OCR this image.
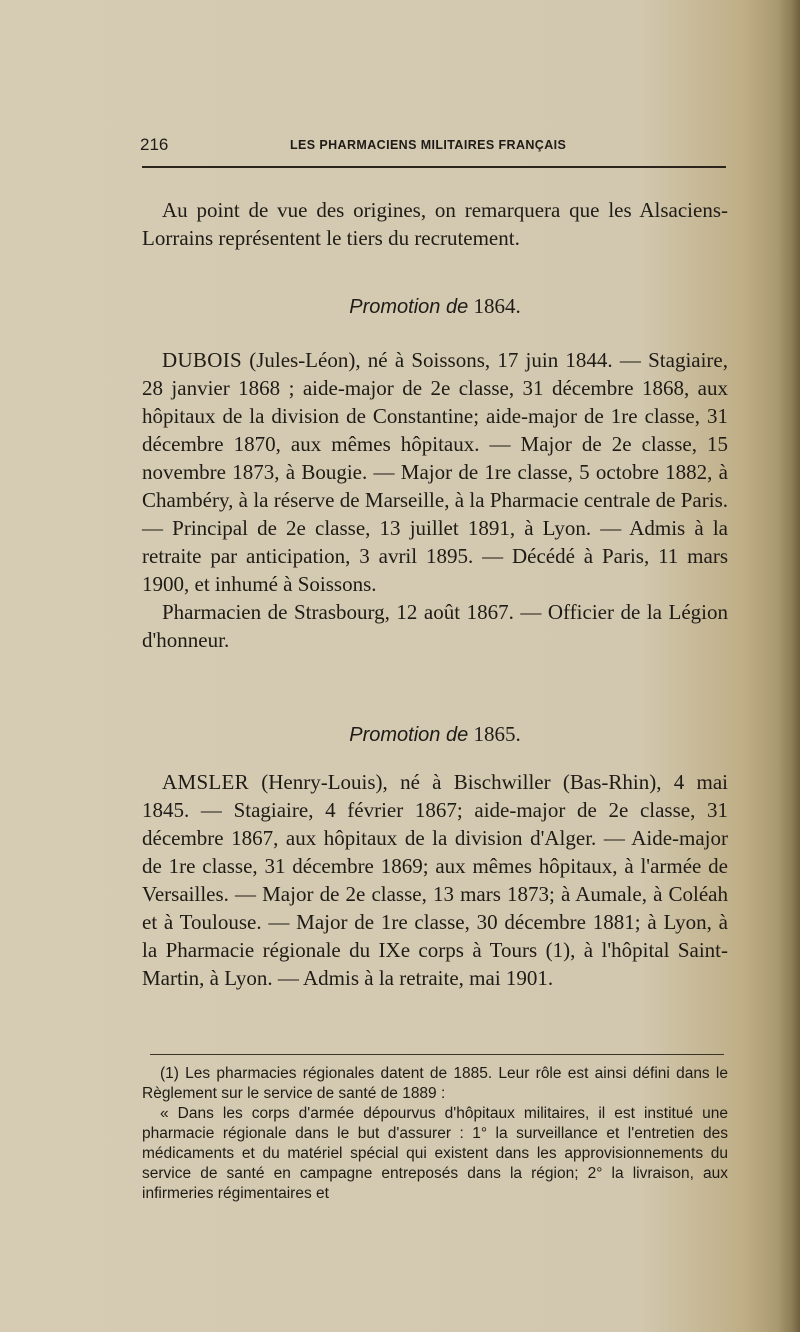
216	LES PHARMACIENS MILITAIRES FRANÇAIS
Au point de vue des origines, on remarquera que les Alsaciens-Lorrains représentent le tiers du recrutement.
Promotion de 1864.

DUBOIS (Jules-Léon), né à Soissons, 17 juin 1844. — Stagiaire, 28 janvier 1868 ; aide-major de 2e classe, 31 décembre 1868, aux hôpitaux de la division de Constantine; aide-major de 1re classe, 31 décembre 1870, aux mêmes hôpitaux. — Major de 2e classe, 15 novembre 1873, à Bougie. — Major de 1re classe, 5 octobre 1882, à Chambéry, à la réserve de Marseille, à la Pharmacie centrale de Paris. — Principal de 2e classe, 13 juillet 1891, à Lyon. — Admis à la retraite par anticipation, 3 avril 1895. — Décédé à Paris, 11 mars 1900, et inhumé à Soissons.

Pharmacien de Strasbourg, 12 août 1867. — Officier de la Légion d'honneur.

Promotion de 1865.

AMSLER (Henry-Louis), né à Bischwiller (Bas-Rhin), 4 mai 1845. — Stagiaire, 4 février 1867; aide-major de 2e classe, 31 décembre 1867, aux hôpitaux de la division d'Alger. — Aide-major de 1re classe, 31 décembre 1869; aux mêmes hôpitaux, à l'armée de Versailles. — Major de 2e classe, 13 mars 1873; à Aumale, à Coléah et à Toulouse. — Major de 1re classe, 30 décembre 1881; à Lyon, à la Pharmacie régionale du IXe corps à Tours (1), à l'hôpital Saint-Martin, à Lyon. — Admis à la retraite, mai 1901.

(1) Les pharmacies régionales datent de 1885. Leur rôle est ainsi défini dans le Règlement sur le service de santé de 1889 :

« Dans les corps d'armée dépourvus d'hôpitaux militaires, il est institué une pharmacie régionale dans le but d'assurer : 1° la surveillance et l'entretien des médicaments et du matériel spécial qui existent dans les approvisionnements du service de santé en campagne entreposés dans la région; 2° la livraison, aux infirmeries régimentaires et
